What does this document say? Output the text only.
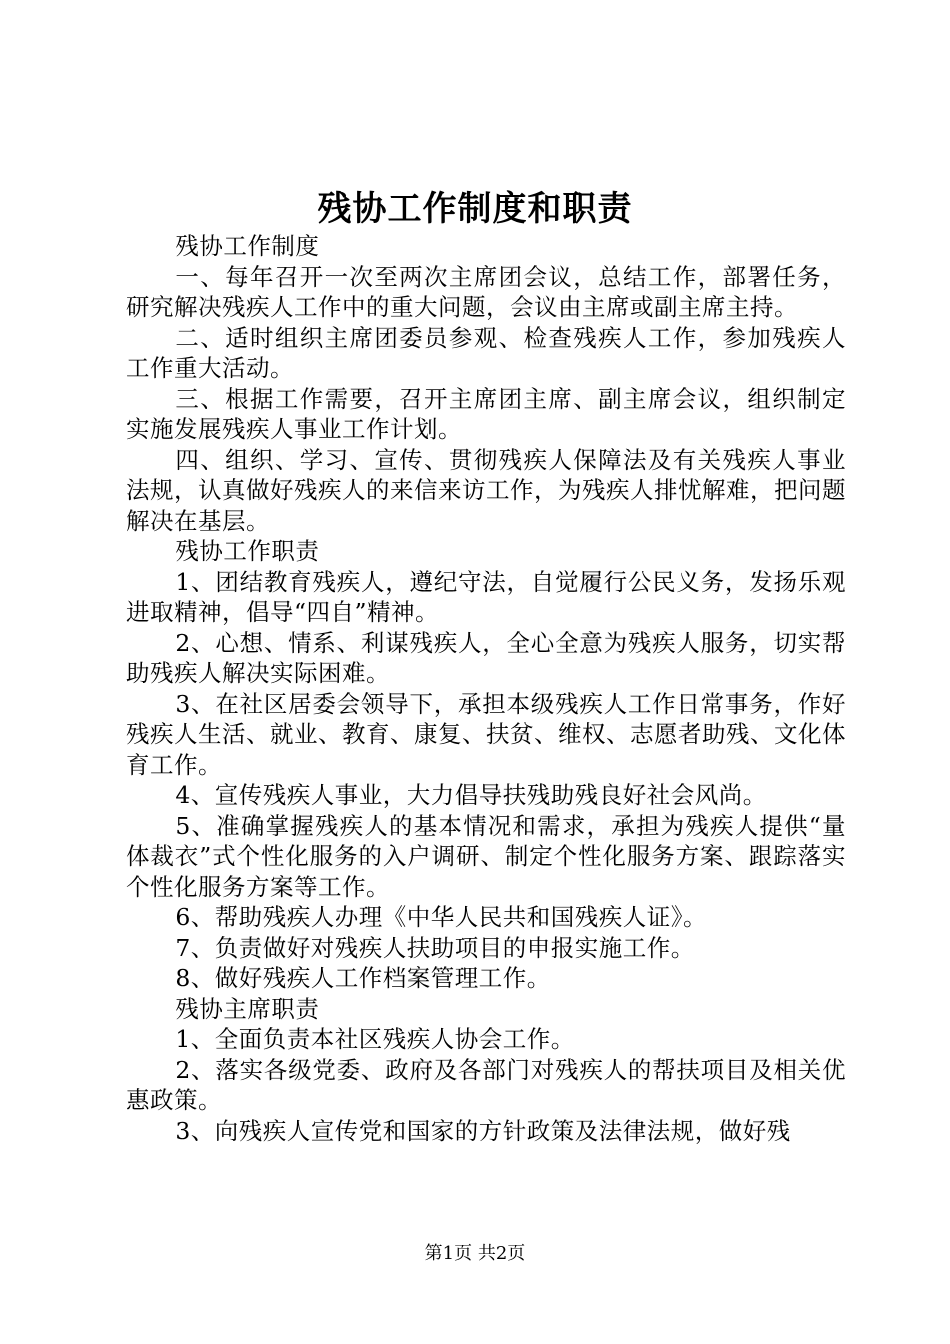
残协工作制度和职责

残协工作制度

一、每年召开一次至两次主席团会议，总结工作，部署任务，研究解决残疾人工作中的重大问题，会议由主席或副主席主持。

二、适时组织主席团委员参观、检查残疾人工作，参加残疾人工作重大活动。

三、根据工作需要，召开主席团主席、副主席会议，组织制定实施发展残疾人事业工作计划。

四、组织、学习、宣传、贯彻残疾人保障法及有关残疾人事业法规，认真做好残疾人的来信来访工作，为残疾人排忧解难，把问题解决在基层。

残协工作职责

1、团结教育残疾人，遵纪守法，自觉履行公民义务，发扬乐观进取精神，倡导“四自”精神。

2、心想、情系、利谋残疾人，全心全意为残疾人服务，切实帮助残疾人解决实际困难。

3、在社区居委会领导下，承担本级残疾人工作日常事务，作好残疾人生活、就业、教育、康复、扶贫、维权、志愿者助残、文化体育工作。

4、宣传残疾人事业，大力倡导扶残助残良好社会风尚。

5、准确掌握残疾人的基本情况和需求，承担为残疾人提供“量体裁衣”式个性化服务的入户调研、制定个性化服务方案、跟踪落实个性化服务方案等工作。

6、帮助残疾人办理《中华人民共和国残疾人证》。

7、负责做好对残疾人扶助项目的申报实施工作。

8、做好残疾人工作档案管理工作。

残协主席职责

1、全面负责本社区残疾人协会工作。

2、落实各级党委、政府及各部门对残疾人的帮扶项目及相关优惠政策。

3、向残疾人宣传党和国家的方针政策及法律法规，做好残

第1页 共2页
